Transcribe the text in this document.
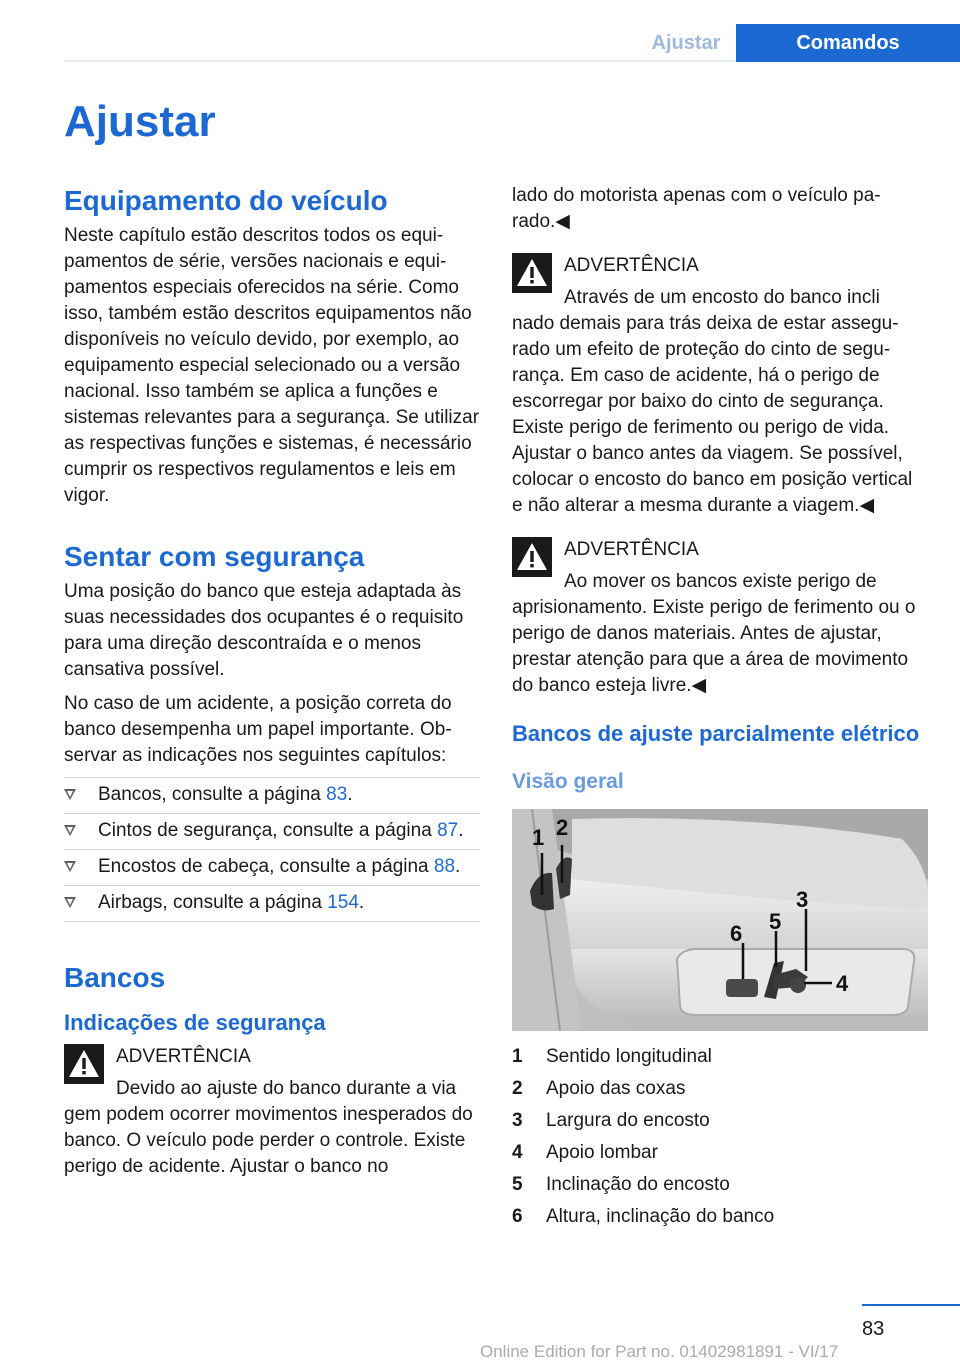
Ajustar	Comandos
Ajustar
Equipamento do veículo

Neste capítulo estão descritos todos os equipamentos de série, versões nacionais e equipamentos especiais oferecidos na série. Como isso, também estão descritos equipamentos não disponíveis no veículo devido, por exemplo, ao equipamento especial selecionado ou a versão nacional. Isso também se aplica a funções e sistemas relevantes para a segurança. Se utilizar as respectivas funções e sistemas, é necessário cumprir os respectivos regulamentos e leis em vigor.

Sentar com segurança

Uma posição do banco que esteja adaptada às suas necessidades dos ocupantes é o requisito para uma direção descontraída e o menos cansativa possível.

No caso de um acidente, a posição correta do banco desempenha um papel importante. Observar as indicações nos seguintes capítulos:

Bancos, consulte a página 83.
Cintos de segurança, consulte a página 87.
Encostos de cabeça, consulte a página 88.
Airbags, consulte a página 154.
Bancos
Indicações de segurança
ADVERTÊNCIA
Devido ao ajuste do banco durante a via
gem podem ocorrer movimentos inesperados do banco. O veículo pode perder o controle. Existe perigo de acidente. Ajustar o banco no

lado do motorista apenas com o veículo parado.◀

ADVERTÊNCIA
Através de um encosto do banco incli
nado demais para trás deixa de estar assegurado um efeito de proteção do cinto de segurança. Em caso de acidente, há o perigo de escorregar por baixo do cinto de segurança. Existe perigo de ferimento ou perigo de vida. Ajustar o banco antes da viagem. Se possível, colocar o encosto do banco em posição vertical e não alterar a mesma durante a viagem.◀
ADVERTÊNCIA
Ao mover os bancos existe perigo de
aprisionamento. Existe perigo de ferimento ou o perigo de danos materiais. Antes de ajustar, prestar atenção para que a área de movimento do banco esteja livre.◀
Bancos de ajuste parcialmente elétrico
Visão geral
1 2
3
4
5
6
1	Sentido longitudinal
2	Apoio das coxas
3	Largura do encosto
4	Apoio lombar
5	Inclinação do encosto
6	Altura, inclinação do banco
83
Online Edition for Part no. 01402981891 - VI/17
